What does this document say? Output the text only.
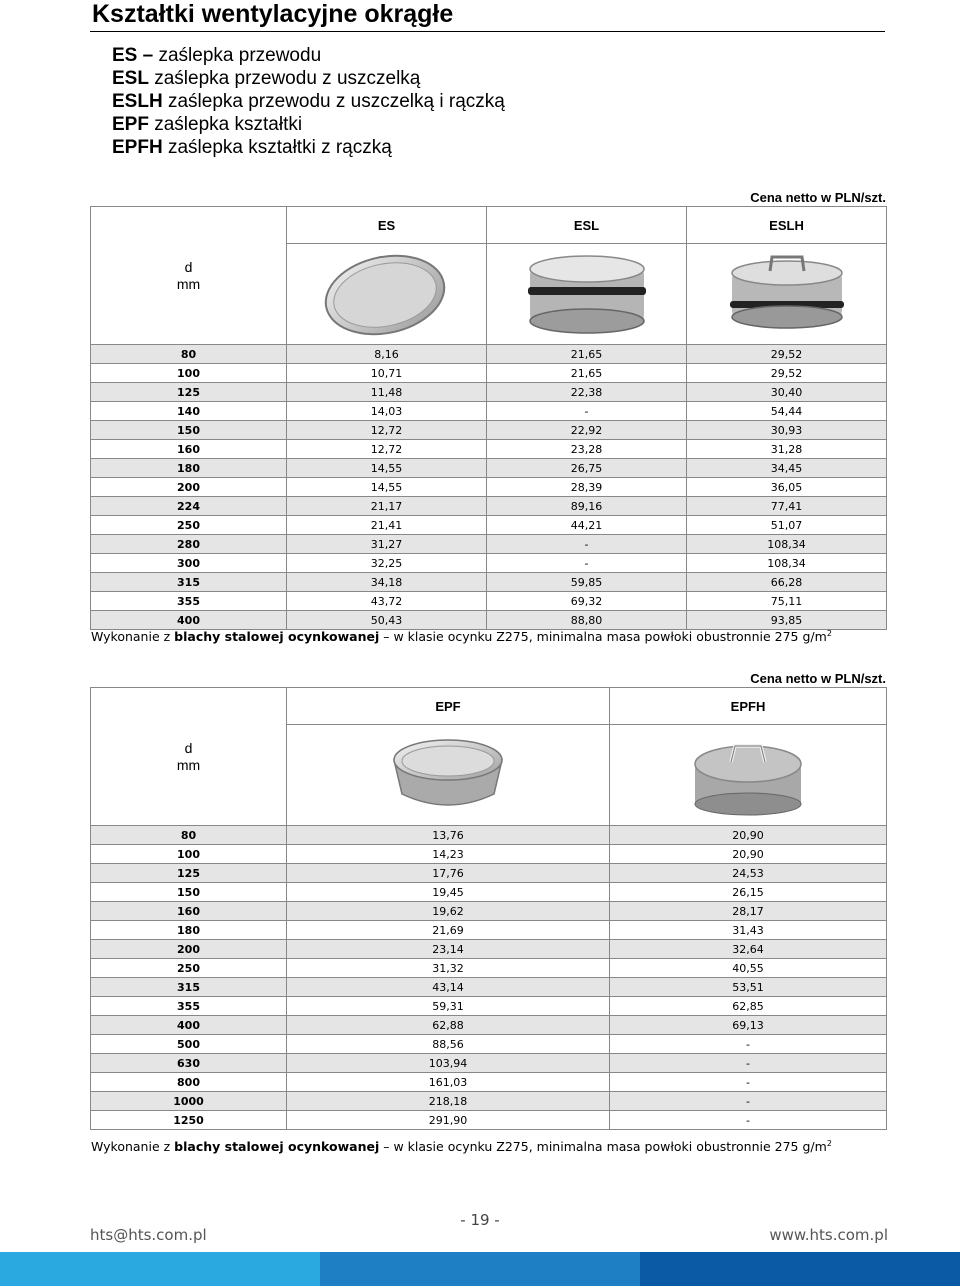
Kształtki wentylacyjne okrągłe
ES – zaślepka przewodu
ESL zaślepka przewodu z uszczelką
ESLH zaślepka przewodu z uszczelką i rączką
EPF zaślepka kształtki
EPFH zaślepka kształtki z rączką
Cena netto w PLN/szt.
d
mm	ES	ESL	ESLH

80	8,16	21,65	29,52
100	10,71	21,65	29,52
125	11,48	22,38	30,40
140	14,03	-	54,44
150	12,72	22,92	30,93
160	12,72	23,28	31,28
180	14,55	26,75	34,45
200	14,55	28,39	36,05
224	21,17	89,16	77,41
250	21,41	44,21	51,07
280	31,27	-	108,34
300	32,25	-	108,34
315	34,18	59,85	66,28
355	43,72	69,32	75,11
400	50,43	88,80	93,85
Wykonanie z blachy stalowej ocynkowanej – w klasie ocynku Z275, minimalna masa powłoki obustronnie 275 $g/m^2$
Cena netto w PLN/szt.
d
mm	EPF	EPFH

80	13,76	20,90
100	14,23	20,90
125	17,76	24,53
150	19,45	26,15
160	19,62	28,17
180	21,69	31,43
200	23,14	32,64
250	31,32	40,55
315	43,14	53,51
355	59,31	62,85
400	62,88	69,13
500	88,56	-
630	103,94	-
800	161,03	-
1000	218,18	-
1250	291,90	-
Wykonanie z blachy stalowej ocynkowanej – w klasie ocynku Z275, minimalna masa powłoki obustronnie 275 $g/m^2$
- 19 -
hts@hts.com.pl	www.hts.com.pl
